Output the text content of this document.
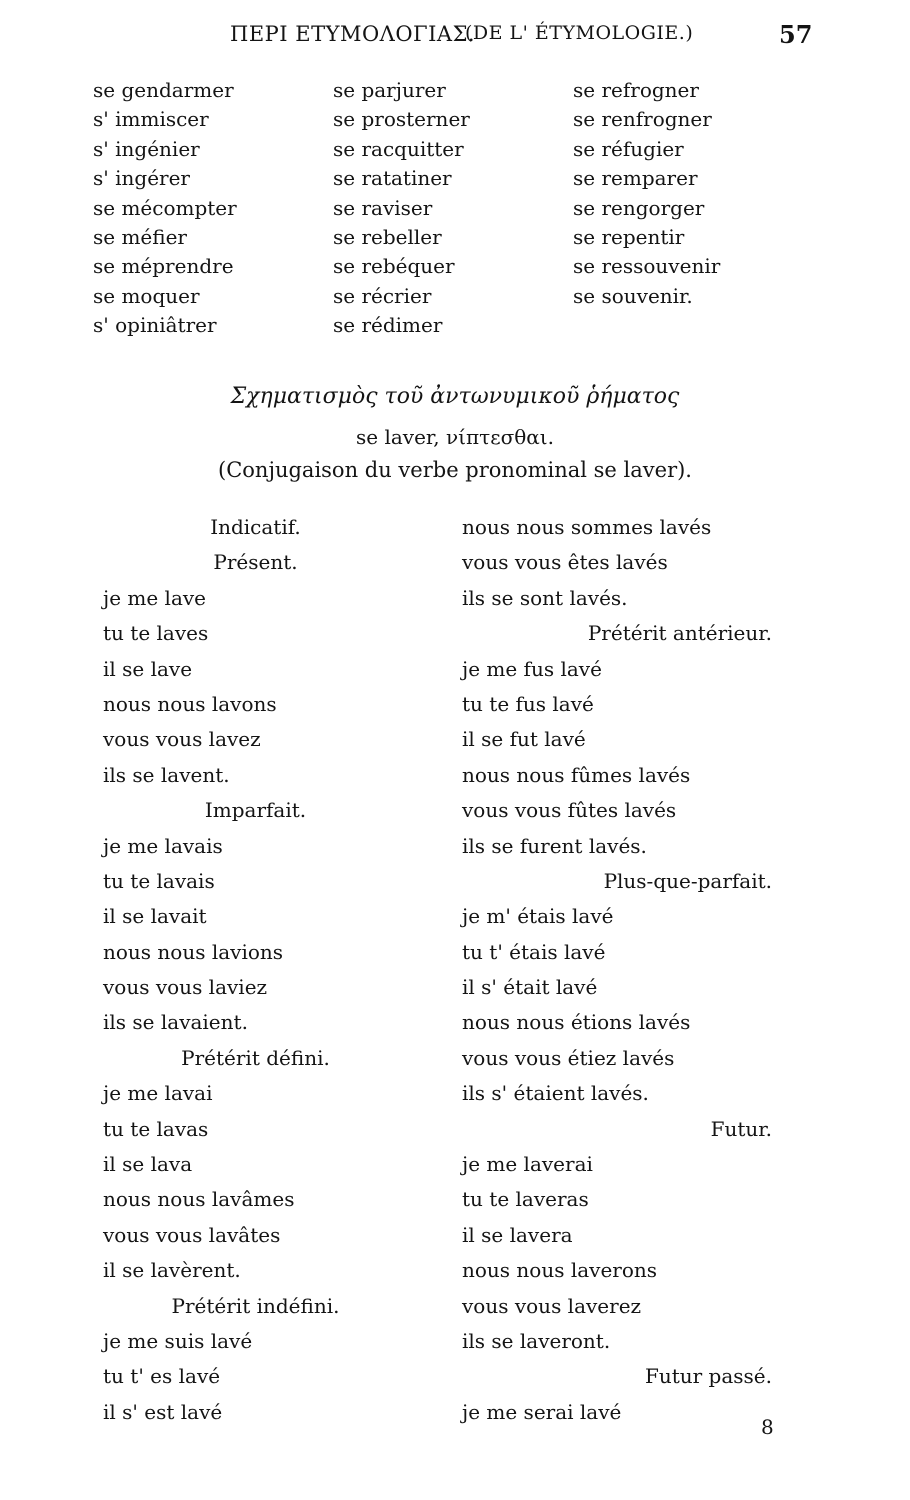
ΠΕΡΙ ΕΤΥΜΟΛΟΓΙΑΣ.
(DE L' ÉTYMOLOGIE.)	57
se gendarmer
s' immiscer
s' ingénier
s' ingérer
se mécompter
se méfier
se méprendre
se moquer
s' opiniâtrer
se parjurer
se prosterner
se racquitter
se ratatiner
se raviser
se rebeller
se rebéquer
se récrier
se rédimer
se refrogner
se renfrogner
se réfugier
se remparer
se rengorger
se repentir
se ressouvenir
se souvenir.
Σχηματισμὸς τοῦ ἀντωνυμικοῦ ῥήματος
se laver, νίπτεσθαι.
(Conjugaison du verbe pronominal se laver).
Indicatif.
Présent.
je me lave
tu te laves
il se lave
nous nous lavons
vous vous lavez
ils se lavent.
Imparfait.
je me lavais
tu te lavais
il se lavait
nous nous lavions
vous vous laviez
ils se lavaient.
Prétérit défini.
je me lavai
tu te lavas
il se lava
nous nous lavâmes
vous vous lavâtes
il se lavèrent.
Prétérit indéfini.
je me suis lavé
tu t' es lavé
il s' est lavé
nous nous sommes lavés
vous vous êtes lavés
ils se sont lavés.
Prétérit antérieur.
je me fus lavé
tu te fus lavé
il se fut lavé
nous nous fûmes lavés
vous vous fûtes lavés
ils se furent lavés.
Plus-que-parfait.
je m' étais lavé
tu t' étais lavé
il s' était lavé
nous nous étions lavés
vous vous étiez lavés
ils s' étaient lavés.
Futur.
je me laverai
tu te laveras
il se lavera
nous nous laverons
vous vous laverez
ils se laveront.
Futur passé.
je me serai lavé
8
